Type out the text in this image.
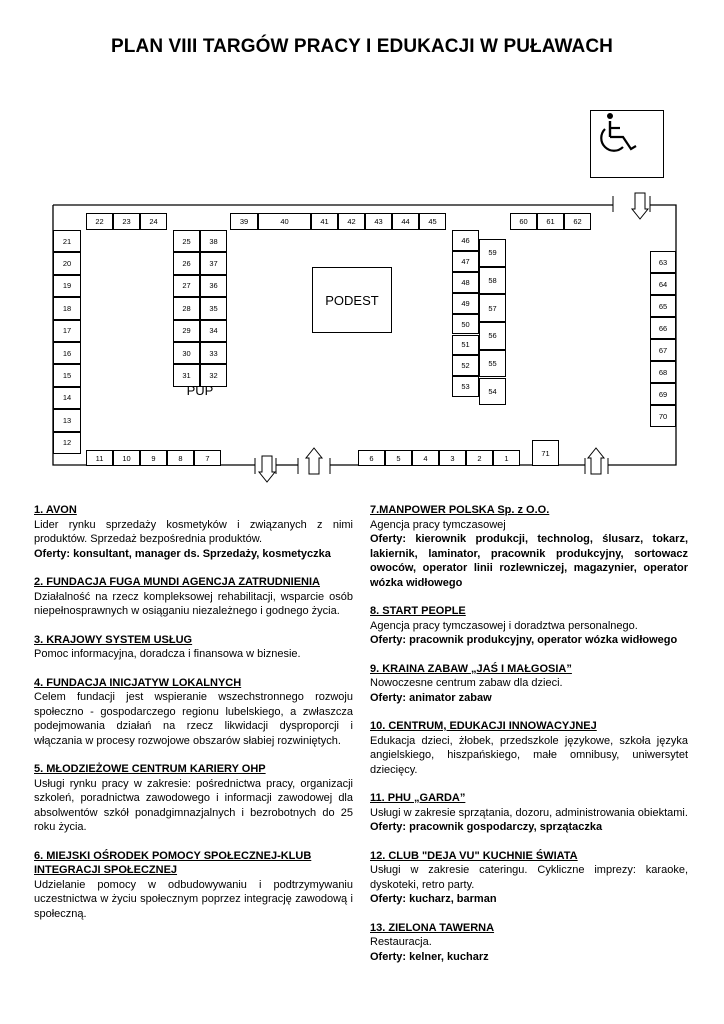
PLAN VIII TARGÓW PRACY I EDUKACJI W PUŁAWACH
22	23	24
21
20
19
18
17
16
15
14
13
12
25
26
27
28
29
30
31
38
37
36
35
34
33
32
39	40	41	42	43	44	45
46
47
48
49
50
51
52
53
59
58
57
56
55
54
60	61	62
63
64
65
66
67
68
69
70
11	10	9	8	7	6	5	4	3	2	1
71
PODEST
PUP
1. AVON
Lider rynku sprzedaży kosmetyków i związanych z nimi produktów. Sprzedaż bezpośrednia produktów.
Oferty: konsultant, manager ds. Sprzedaży, kosmetyczka
2. FUNDACJA FUGA MUNDI AGENCJA ZATRUDNIENIA
Działalność na rzecz kompleksowej rehabilitacji, wsparcie osób niepełnosprawnych w osiąganiu niezależnego i godnego życia.
3. KRAJOWY SYSTEM USŁUG
Pomoc informacyjna, doradcza i finansowa w biznesie.
4. FUNDACJA INICJATYW LOKALNYCH
Celem fundacji jest wspieranie wszechstronnego rozwoju społeczno - gospodarczego regionu lubelskiego, a zwłaszcza podejmowania działań na rzecz likwidacji dysproporcji i włączania w procesy rozwojowe obszarów słabiej rozwiniętych.
5. MŁODZIEŻOWE CENTRUM KARIERY OHP
Usługi rynku pracy w zakresie: pośrednictwa pracy, organizacji szkoleń, poradnictwa zawodowego i informacji zawodowej dla absolwentów szkół ponadgimnazjalnych i bezrobotnych do 25 roku życia.
6. MIEJSKI OŚRODEK POMOCY SPOŁECZNEJ-KLUB INTEGRACJI SPOŁECZNEJ
Udzielanie pomocy w odbudowywaniu i podtrzymywaniu uczestnictwa w życiu społecznym poprzez integrację zawodową i społeczną.
7.MANPOWER POLSKA Sp. z O.O.
Agencja pracy tymczasowej
Oferty: kierownik produkcji, technolog, ślusarz, tokarz, lakiernik, laminator, pracownik produkcyjny, sortowacz owoców, operator linii rozlewniczej, magazynier, operator wózka widłowego
8. START PEOPLE
Agencja pracy tymczasowej i doradztwa personalnego.
Oferty: pracownik produkcyjny, operator wózka widłowego
9. KRAINA ZABAW „JAŚ I MAŁGOSIA”
Nowoczesne centrum zabaw dla dzieci.
Oferty: animator zabaw
10. CENTRUM, EDUKACJI INNOWACYJNEJ
Edukacja dzieci, żłobek, przedszkole językowe, szkoła języka angielskiego, hiszpańskiego, małe omnibusy, uniwersytet dziecięcy.
11. PHU „GARDA”
Usługi w zakresie sprzątania, dozoru, administrowania obiektami.
Oferty: pracownik gospodarczy, sprzątaczka
12. CLUB "DEJA VU" KUCHNIE ŚWIATA
Usługi w zakresie cateringu. Cykliczne imprezy: karaoke, dyskoteki, retro party.
Oferty: kucharz, barman
13. ZIELONA TAWERNA
Restauracja.
Oferty: kelner, kucharz
